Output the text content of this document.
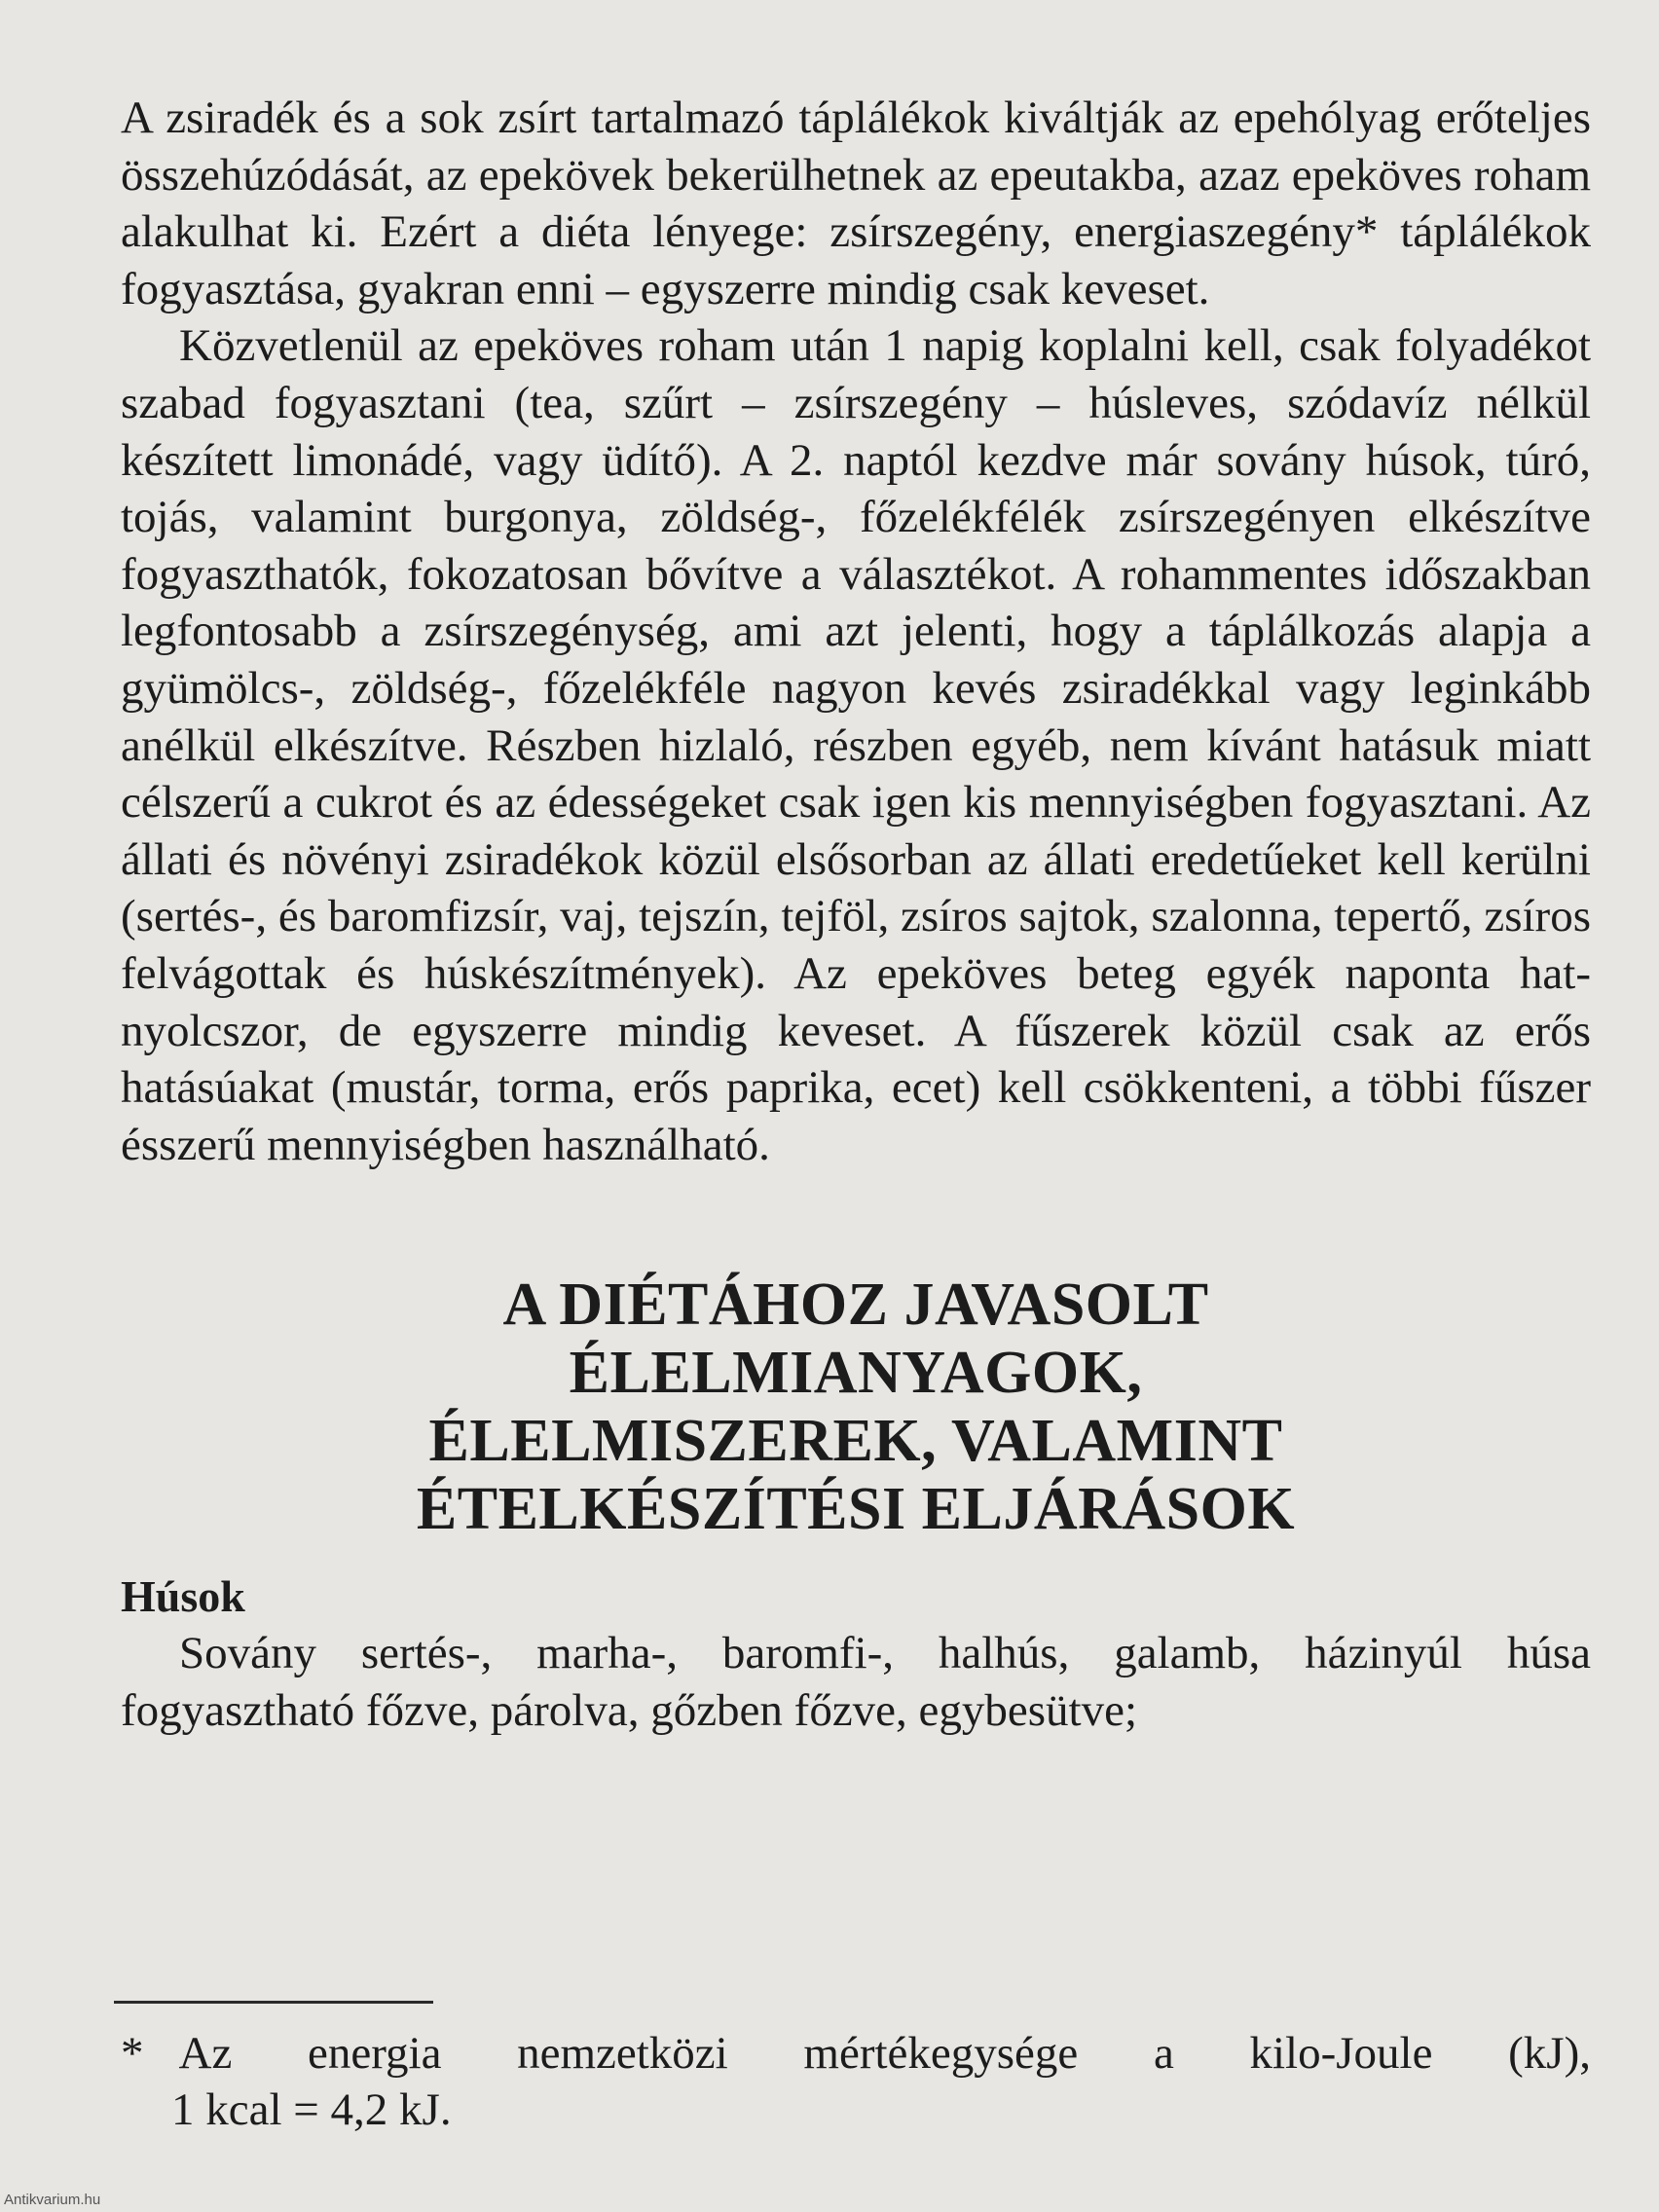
A zsiradék és a sok zsírt tartalmazó táplálékok kiváltják az epehólyag erőteljes összehúzódását, az epekövek bekerülhetnek az epeutakba, azaz epeköves roham alakulhat ki. Ezért a diéta lényege: zsírszegény, energiaszegény* táplálékok fogyasztása, gyakran enni – egyszerre mindig csak keveset.

Közvetlenül az epeköves roham után 1 napig koplalni kell, csak folyadékot szabad fogyasztani (tea, szűrt – zsírszegény – húsleves, szódavíz nélkül készített limonádé, vagy üdítő). A 2. naptól kezdve már sovány húsok, túró, tojás, valamint burgonya, zöldség-, főzelékfélék zsírszegényen elkészítve fogyaszthatók, fokozatosan bővítve a választékot. A rohammentes időszakban legfontosabb a zsírszegénység, ami azt jelenti, hogy a táplálkozás alapja a gyümölcs-, zöldség-, főzelékféle nagyon kevés zsiradékkal vagy leginkább anélkül elkészítve. Részben hizlaló, részben egyéb, nem kívánt hatásuk miatt célszerű a cukrot és az édességeket csak igen kis mennyiségben fogyasztani. Az állati és növényi zsiradékok közül elsősorban az állati eredetűeket kell kerülni (sertés-, és baromfizsír, vaj, tejszín, tejföl, zsíros sajtok, szalonna, tepertő, zsíros felvágottak és húskészítmények). Az epeköves beteg egyék naponta hat-nyolcszor, de egyszerre mindig keveset. A fűszerek közül csak az erős hatásúakat (mustár, torma, erős paprika, ecet) kell csökkenteni, a többi fűszer ésszerű mennyiségben használható.

A DIÉTÁHOZ JAVASOLT
ÉLELMIANYAGOK,
ÉLELMISZEREK, VALAMINT
ÉTELKÉSZÍTÉSI ELJÁRÁSOK
Húsok

Sovány sertés-, marha-, baromfi-, halhús, galamb, házinyúl húsa fogyasztható főzve, párolva, gőzben főzve, egybesütve;

* Az energia nemzetközi mértékegysége a kilo-Joule (kJ),
1 kcal = 4,2 kJ.
Antikvarium.hu
